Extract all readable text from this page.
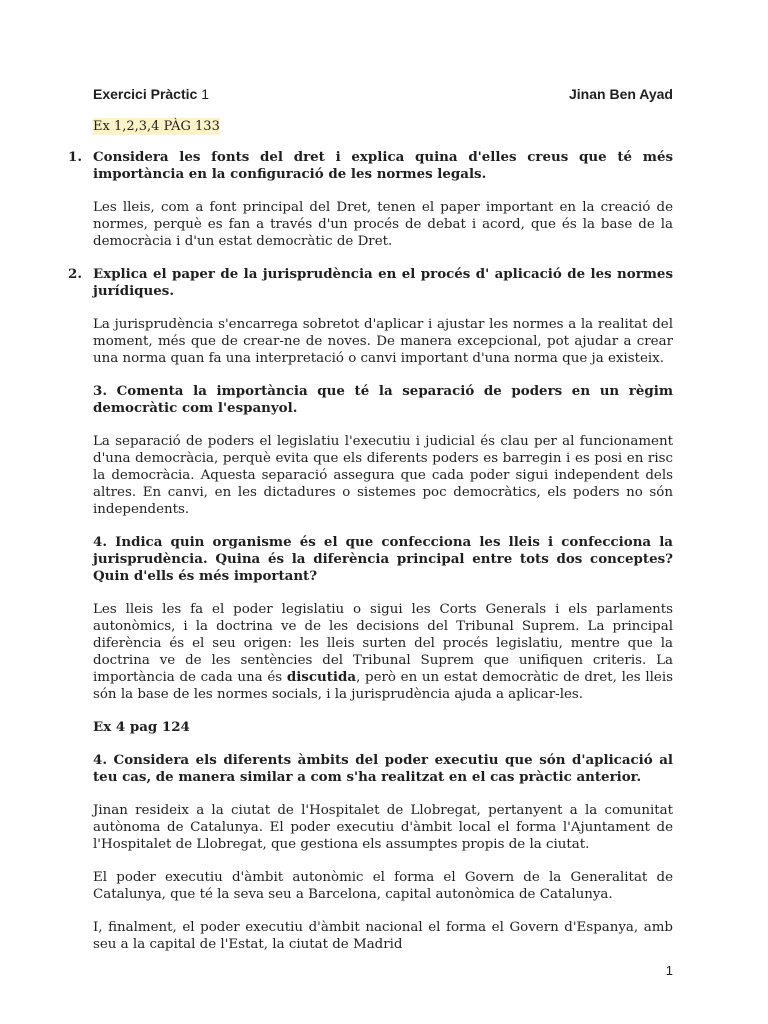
Exercici Pràctic 1	Jinan Ben Ayad
Ex 1,2,3,4 PÀG 133

1. Considera les fonts del dret i explica quina d'elles creus que té més importància en la configuració de les normes legals.

Les lleis, com a font principal del Dret, tenen el paper important en la creació de normes, perquè es fan a través d'un procés de debat i acord, que és la base de la democràcia i d'un estat democràtic de Dret.

2. Explica el paper de la jurisprudència en el procés d' aplicació de les normes jurídiques.

La jurisprudència s'encarrega sobretot d'aplicar i ajustar les normes a la realitat del moment, més que de crear-ne de noves. De manera excepcional, pot ajudar a crear una norma quan fa una interpretació o canvi important d'una norma que ja existeix.

3. Comenta la importància que té la separació de poders en un règim democràtic com l'espanyol.

La separació de poders el legislatiu l'executiu i judicial és clau per al funcionament d'una democràcia, perquè evita que els diferents poders es barregin i es posi en risc la democràcia. Aquesta separació assegura que cada poder sigui independent dels altres. En canvi, en les dictadures o sistemes poc democràtics, els poders no són independents.

4. Indica quin organisme és el que confecciona les lleis i confecciona la jurisprudència. Quina és la diferència principal entre tots dos conceptes? Quin d'ells és més important?

Les lleis les fa el poder legislatiu o sigui les Corts Generals i els parlaments autonòmics, i la doctrina ve de les decisions del Tribunal Suprem. La principal diferència és el seu origen: les lleis surten del procés legislatiu, mentre que la doctrina ve de les sentències del Tribunal Suprem que unifiquen criteris. La importància de cada una és discutida, però en un estat democràtic de dret, les lleis són la base de les normes socials, i la jurisprudència ajuda a aplicar-les.

Ex 4 pag 124

4. Considera els diferents àmbits del poder executiu que són d'aplicació al teu cas, de manera similar a com s'ha realitzat en el cas pràctic anterior.

Jinan resideix a la ciutat de l'Hospitalet de Llobregat, pertanyent a la comunitat autònoma de Catalunya. El poder executiu d'àmbit local el forma l'Ajuntament de l'Hospitalet de Llobregat, que gestiona els assumptes propis de la ciutat.

El poder executiu d'àmbit autonòmic el forma el Govern de la Generalitat de Catalunya, que té la seva seu a Barcelona, capital autonòmica de Catalunya.

I, finalment, el poder executiu d'àmbit nacional el forma el Govern d'Espanya, amb seu a la capital de l'Estat, la ciutat de Madrid

1
